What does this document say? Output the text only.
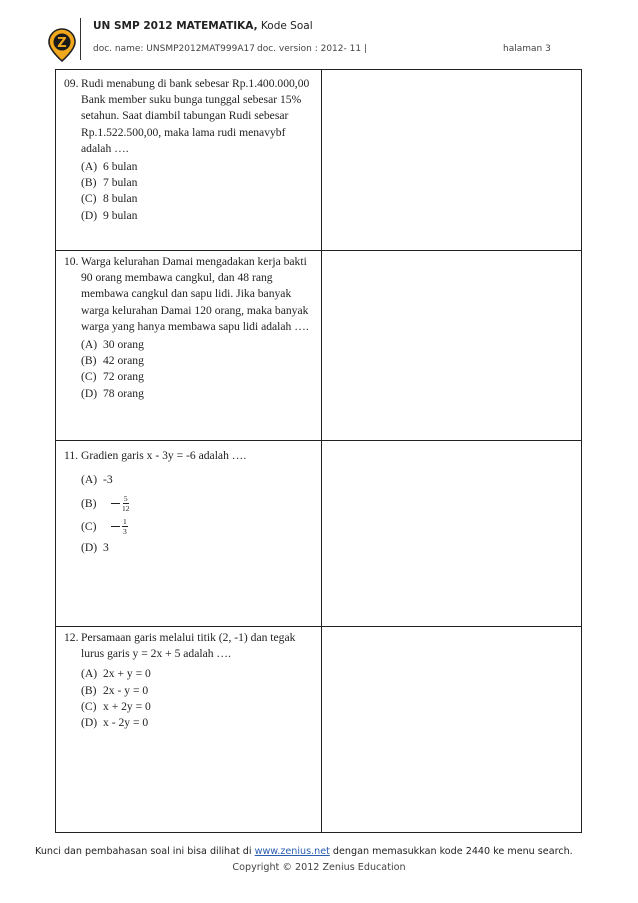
Z
UN SMP 2012 MATEMATIKA, Kode Soal
doc. name: UNSMP2012MAT999A17 doc. version : 2012- 11 |	halaman 3
09. Rudi menabung di bank sebesar Rp.1.400.000,00 Bank member suku bunga tunggal sebesar 15% setahun. Saat diambil tabungan Rudi sebesar Rp.1.522.500,00, maka lama rudi menavybf adalah ….
(A) 6 bulan
(B) 7 bulan
(C) 8 bulan
(D) 9 bulan
10. Warga kelurahan Damai mengadakan kerja bakti 90 orang membawa cangkul, dan 48 rang membawa cangkul dan sapu lidi. Jika banyak warga kelurahan Damai 120 orang, maka banyak warga yang hanya membawa sapu lidi adalah ….
(A) 30 orang
(B) 42 orang
(C) 72 orang
(D) 78 orang
11. Gradien garis x - 3y = -6 adalah ….
(A) -3
(B)	$\frac{5}{12}$
(C)	$\frac{1}{3}$
(D) 3
12. Persamaan garis melalui titik (2, -1) dan tegak lurus garis y = 2x + 5 adalah ….
(A) 2x + y = 0
(B) 2x - y = 0
(C) x + 2y = 0
(D) x - 2y = 0
Kunci dan pembahasan soal ini bisa dilihat di www.zenius.net dengan memasukkan kode 2440 ke menu search.
Copyright © 2012 Zenius Education
